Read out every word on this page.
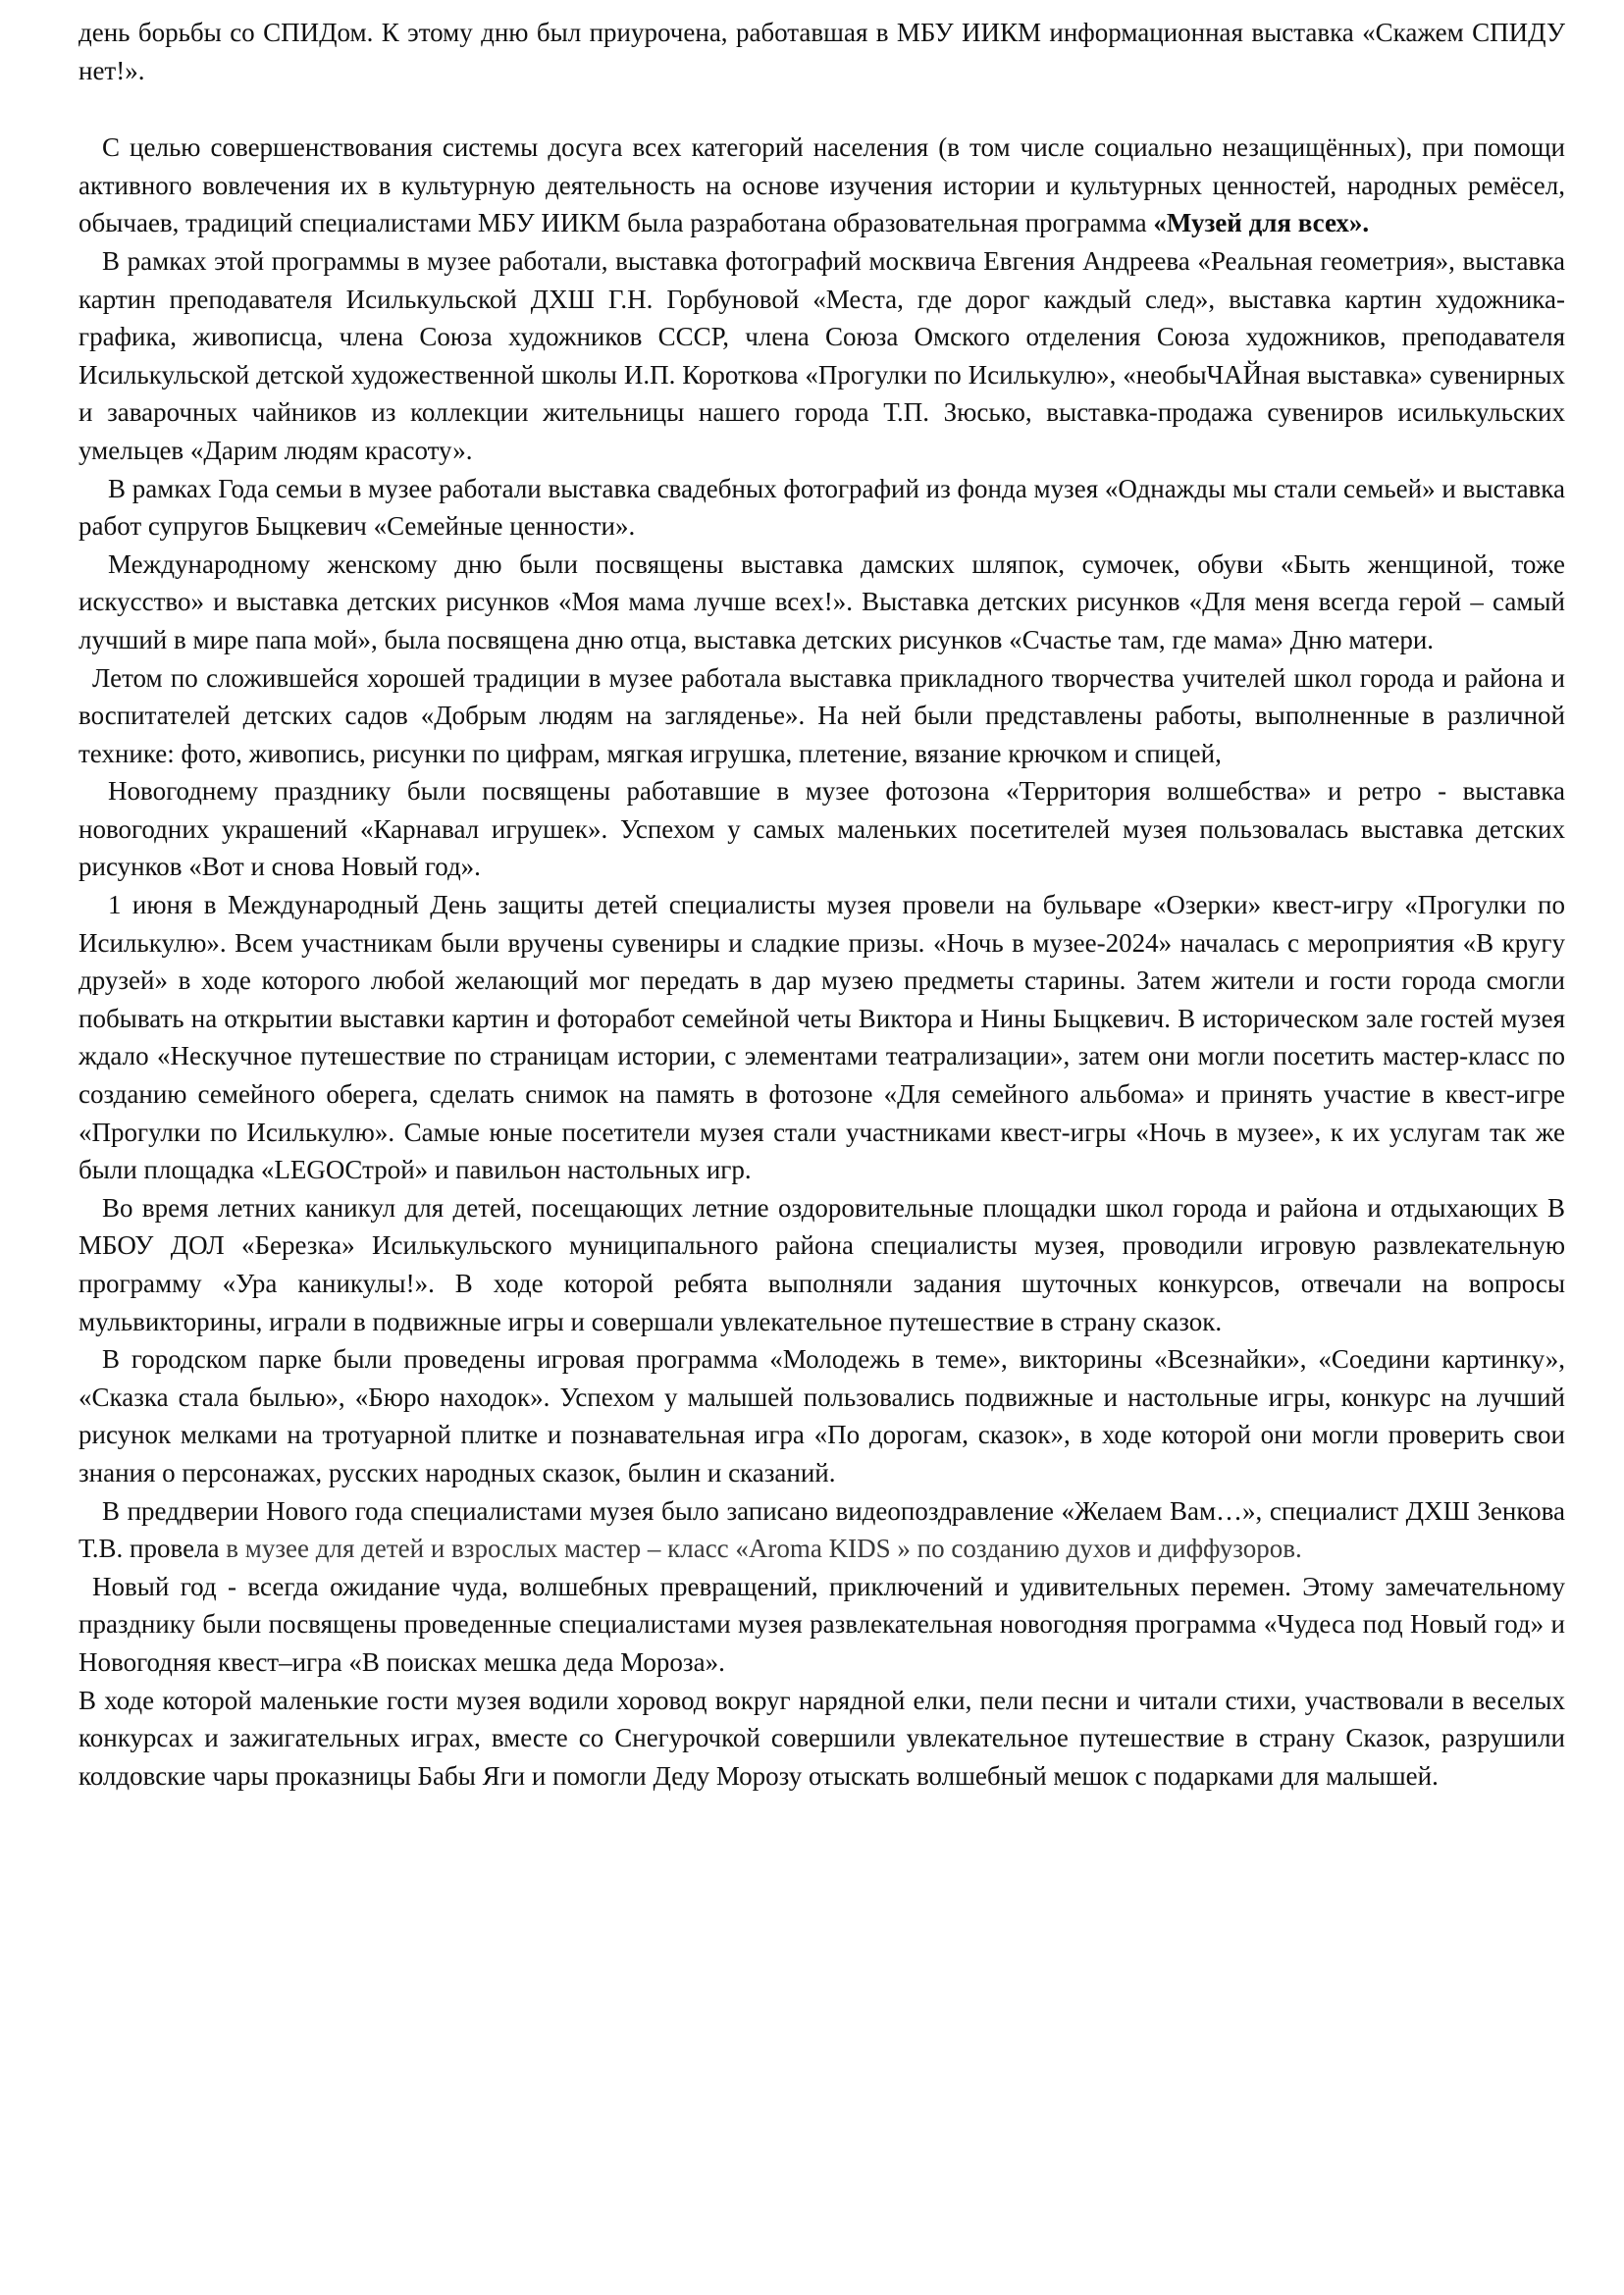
день борьбы со СПИДом. К этому дню был приурочена, работавшая в МБУ ИИКМ информационная выставка «Скажем СПИДУ нет!».

С целью совершенствования системы досуга всех категорий населения (в том числе социально незащищённых), при помощи активного вовлечения их в культурную деятельность на основе изучения истории и культурных ценностей, народных ремёсел, обычаев, традиций специалистами МБУ ИИКМ была разработана образовательная программа «Музей для всех».

В рамках этой программы в музее работали, выставка фотографий москвича Евгения Андреева «Реальная геометрия», выставка картин преподавателя Исилькульской ДХШ Г.Н. Горбуновой «Места, где дорог каждый след», выставка картин художника-графика, живописца, члена Союза художников СССР, члена Союза Омского отделения Союза художников, преподавателя Исилькульской детской художественной школы И.П. Короткова «Прогулки по Исилькулю», «необыЧАЙная выставка» сувенирных и заварочных чайников из коллекции жительницы нашего города Т.П. Зюсько, выставка-продажа сувениров исилькульских умельцев «Дарим людям красоту».

В рамках Года семьи в музее работали выставка свадебных фотографий из фонда музея «Однажды мы стали семьей» и выставка работ супругов Быцкевич «Семейные ценности».

Международному женскому дню были посвящены выставка дамских шляпок, сумочек, обуви «Быть женщиной, тоже искусство» и выставка детских рисунков «Моя мама лучше всех!». Выставка детских рисунков «Для меня всегда герой – самый лучший в мире папа мой», была посвящена дню отца, выставка детских рисунков «Счастье там, где мама» Дню матери.

Летом по сложившейся хорошей традиции в музее работала выставка прикладного творчества учителей школ города и района и воспитателей детских садов «Добрым людям на загляденье». На ней были представлены работы, выполненные в различной технике: фото, живопись, рисунки по цифрам, мягкая игрушка, плетение, вязание крючком и спицей,

Новогоднему празднику были посвящены работавшие в музее фотозона «Территория волшебства» и ретро - выставка новогодних украшений «Карнавал игрушек». Успехом у самых маленьких посетителей музея пользовалась выставка детских рисунков «Вот и снова Новый год».

1 июня в Международный День защиты детей специалисты музея провели на бульваре «Озерки» квест-игру «Прогулки по Исилькулю». Всем участникам были вручены сувениры и сладкие призы. «Ночь в музее-2024» началась с мероприятия «В кругу друзей» в ходе которого любой желающий мог передать в дар музею предметы старины. Затем жители и гости города смогли побывать на открытии выставки картин и фоторабот семейной четы Виктора и Нины Быцкевич. В историческом зале гостей музея ждало «Нескучное путешествие по страницам истории, с элементами театрализации», затем они могли посетить мастер-класс по созданию семейного оберега, сделать снимок на память в фотозоне «Для семейного альбома» и принять участие в квест-игре «Прогулки по Исилькулю». Самые юные посетители музея стали участниками квест-игры «Ночь в музее», к их услугам так же были площадка «LEGOСтрой» и павильон настольных игр.

Во время летних каникул для детей, посещающих летние оздоровительные площадки школ города и района и отдыхающих В МБОУ ДОЛ «Березка» Исилькульского муниципального района специалисты музея, проводили игровую развлекательную программу «Ура каникулы!». В ходе которой ребята выполняли задания шуточных конкурсов, отвечали на вопросы мульвикторины, играли в подвижные игры и совершали увлекательное путешествие в страну сказок.

В городском парке были проведены игровая программа «Молодежь в теме», викторины «Всезнайки», «Соедини картинку», «Сказка стала былью», «Бюро находок». Успехом у малышей пользовались подвижные и настольные игры, конкурс на лучший рисунок мелками на тротуарной плитке и познавательная игра «По дорогам, сказок», в ходе которой они могли проверить свои знания о персонажах, русских народных сказок, былин и сказаний.

В преддверии Нового года специалистами музея было записано видеопоздравление «Желаем Вам…», специалист ДХШ Зенкова Т.В. провела в музее для детей и взрослых мастер – класс «Aroma KIDS » по созданию духов и диффузоров.

Новый год - всегда ожидание чуда, волшебных превращений, приключений и удивительных перемен. Этому замечательному празднику были посвящены проведенные специалистами музея развлекательная новогодняя программа «Чудеса под Новый год» и Новогодняя квест–игра «В поисках мешка деда Мороза».

В ходе которой маленькие гости музея водили хоровод вокруг нарядной елки, пели песни и читали стихи, участвовали в веселых конкурсах и зажигательных играх, вместе со Снегурочкой совершили увлекательное путешествие в страну Сказок, разрушили колдовские чары проказницы Бабы Яги и помогли Деду Морозу отыскать волшебный мешок с подарками для малышей.
